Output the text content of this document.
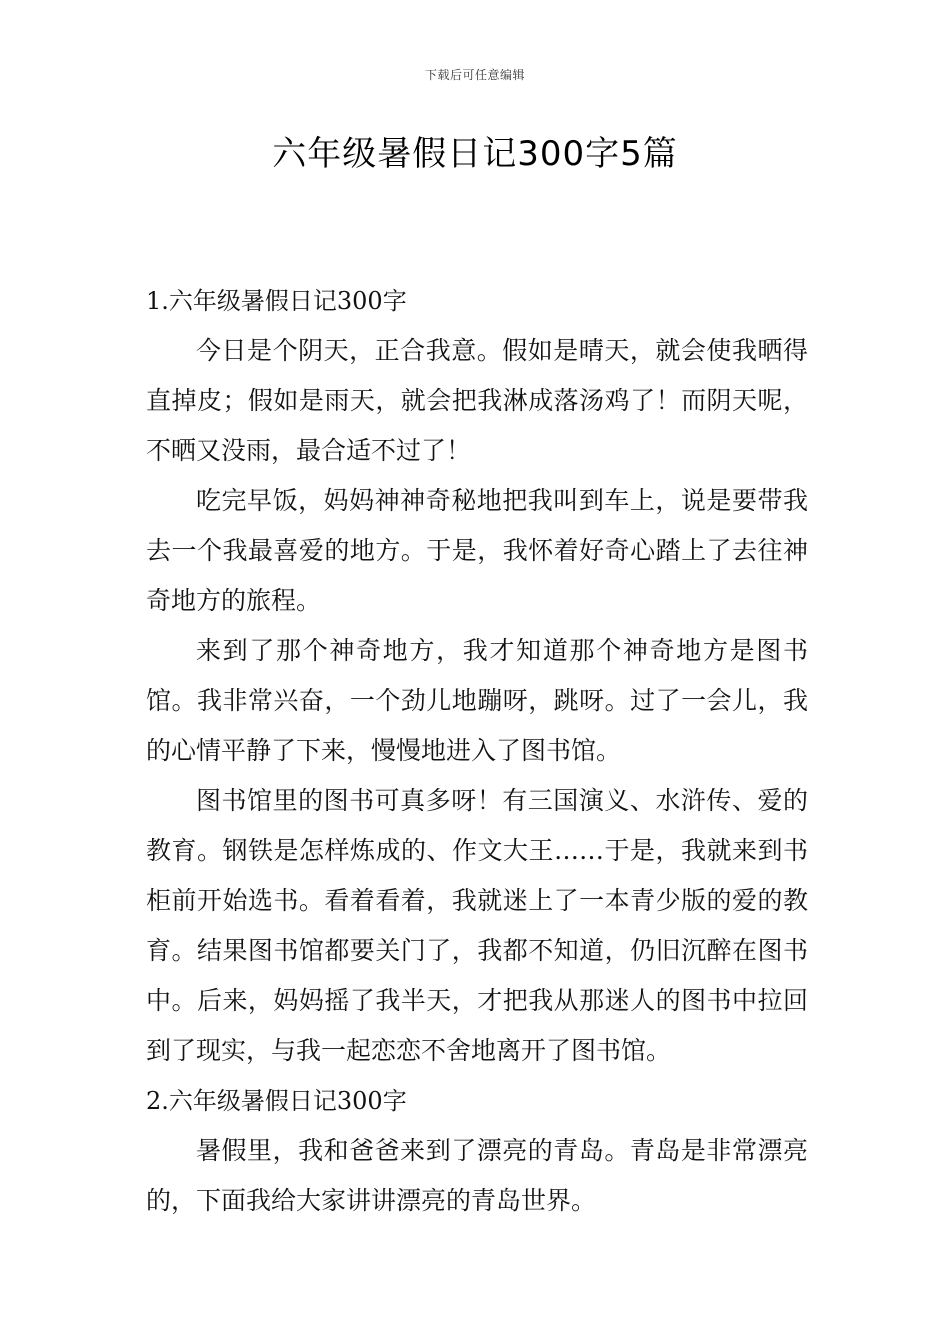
下载后可任意编辑
六年级暑假日记300字5篇
1.六年级暑假日记300字

今日是个阴天，正合我意。假如是晴天，就会使我晒得直掉皮；假如是雨天，就会把我淋成落汤鸡了！而阴天呢，不晒又没雨，最合适不过了！

吃完早饭，妈妈神神奇秘地把我叫到车上，说是要带我去一个我最喜爱的地方。于是，我怀着好奇心踏上了去往神奇地方的旅程。

来到了那个神奇地方，我才知道那个神奇地方是图书馆。我非常兴奋，一个劲儿地蹦呀，跳呀。过了一会儿，我的心情平静了下来，慢慢地进入了图书馆。

图书馆里的图书可真多呀！有三国演义、水浒传、爱的教育。钢铁是怎样炼成的、作文大王……于是，我就来到书柜前开始选书。看着看着，我就迷上了一本青少版的爱的教育。结果图书馆都要关门了，我都不知道，仍旧沉醉在图书中。后来，妈妈摇了我半天，才把我从那迷人的图书中拉回到了现实，与我一起恋恋不舍地离开了图书馆。

2.六年级暑假日记300字

暑假里，我和爸爸来到了漂亮的青岛。青岛是非常漂亮的，下面我给大家讲讲漂亮的青岛世界。
